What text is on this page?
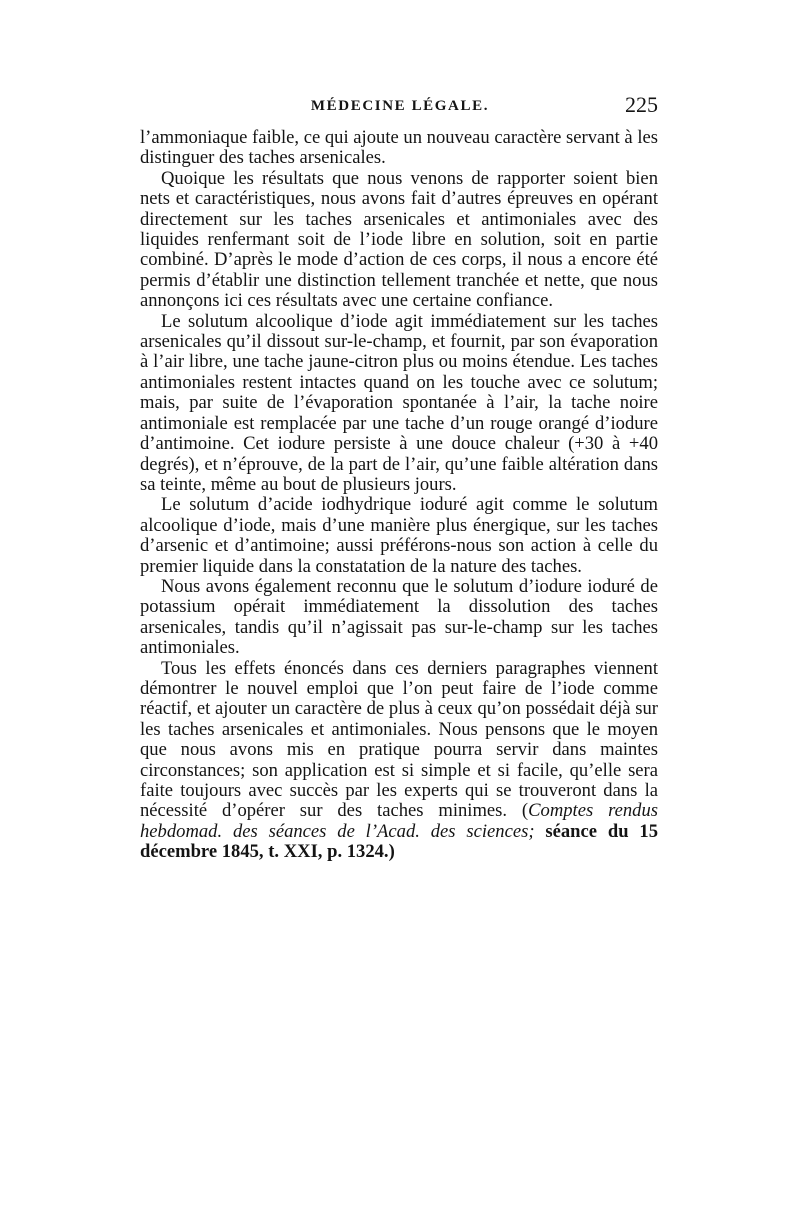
MÉDECINE LÉGALE.	225

l’ammoniaque faible, ce qui ajoute un nouveau caractère servant à les distinguer des taches arsenicales.

Quoique les résultats que nous venons de rapporter soient bien nets et caractéristiques, nous avons fait d’autres épreuves en opérant directement sur les taches arsenicales et antimoniales avec des liquides renfermant soit de l’iode libre en solution, soit en partie combiné. D’après le mode d’action de ces corps, il nous a encore été permis d’établir une distinction tellement tranchée et nette, que nous annonçons ici ces résultats avec une certaine confiance.

Le solutum alcoolique d’iode agit immédiatement sur les taches arsenicales qu’il dissout sur-le-champ, et fournit, par son évaporation à l’air libre, une tache jaune-citron plus ou moins étendue. Les taches antimoniales restent intactes quand on les touche avec ce solutum; mais, par suite de l’évaporation spontanée à l’air, la tache noire antimoniale est remplacée par une tache d’un rouge orangé d’iodure d’antimoine. Cet iodure persiste à une douce chaleur (+30 à +40 degrés), et n’éprouve, de la part de l’air, qu’une faible altération dans sa teinte, même au bout de plusieurs jours.

Le solutum d’acide iodhydrique ioduré agit comme le solutum alcoolique d’iode, mais d’une manière plus énergique, sur les taches d’arsenic et d’antimoine; aussi préférons-nous son action à celle du premier liquide dans la constatation de la nature des taches.

Nous avons également reconnu que le solutum d’iodure ioduré de potassium opérait immédiatement la dissolution des taches arsenicales, tandis qu’il n’agissait pas sur-le-champ sur les taches antimoniales.

Tous les effets énoncés dans ces derniers paragraphes viennent démontrer le nouvel emploi que l’on peut faire de l’iode comme réactif, et ajouter un caractère de plus à ceux qu’on possédait déjà sur les taches arsenicales et antimoniales. Nous pensons que le moyen que nous avons mis en pratique pourra servir dans maintes circonstances; son application est si simple et si facile, qu’elle sera faite toujours avec succès par les experts qui se trouveront dans la nécessité d’opérer sur des taches minimes. (Comptes rendus hebdomad. des séances de l’Acad. des sciences; séance du 15 décembre 1845, t. XXI, p. 1324.)
